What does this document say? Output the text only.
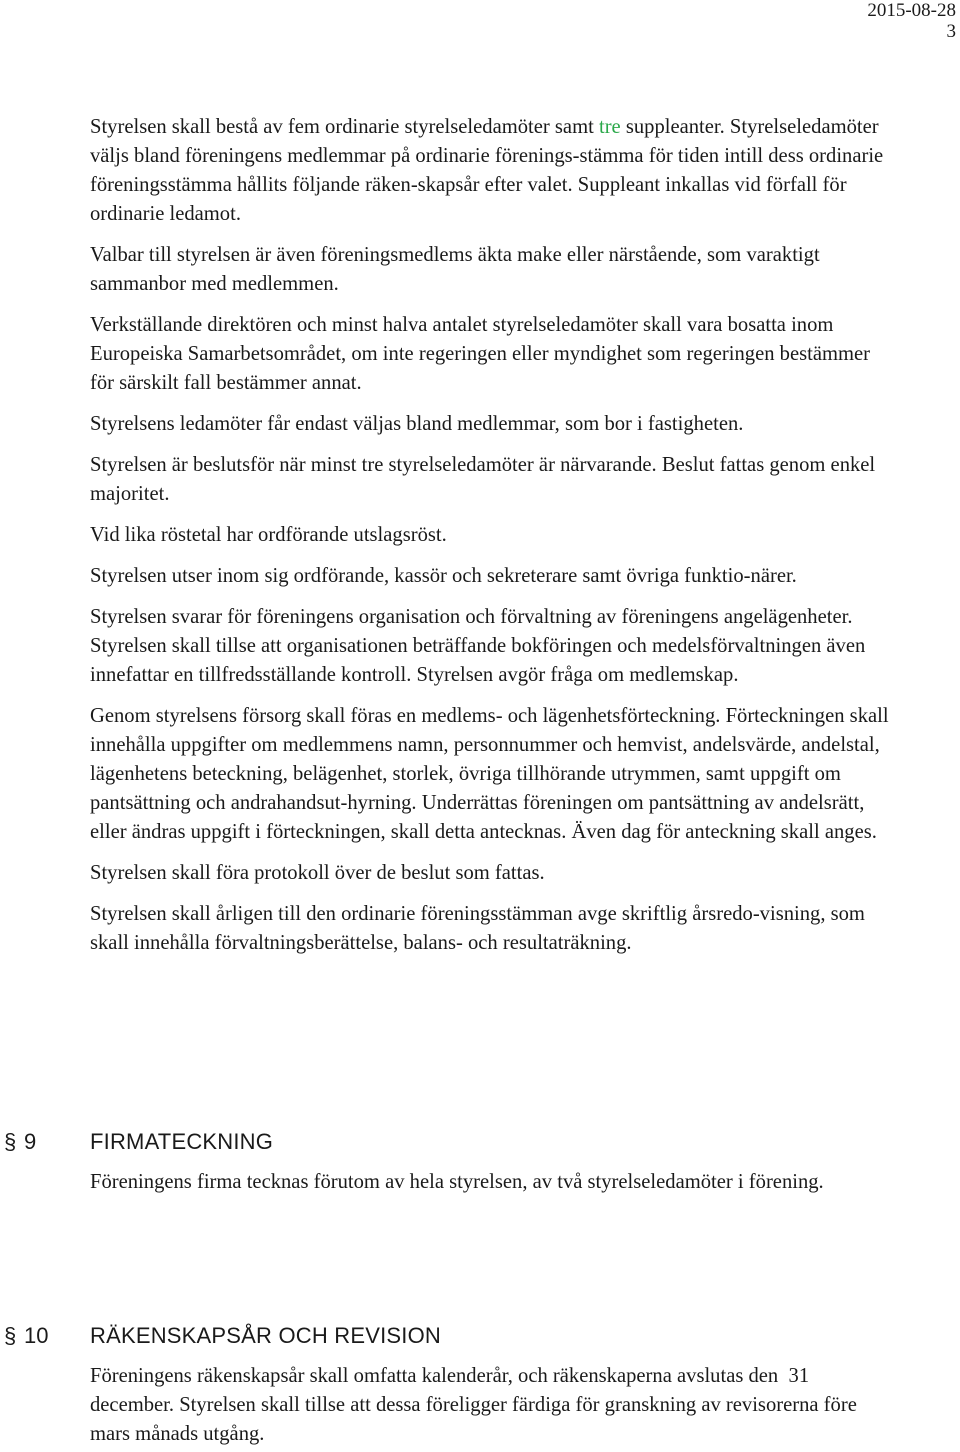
2015-08-28
3

Styrelsen skall bestå av fem ordinarie styrelseledamöter samt tre suppleanter. Styrelseledamöter väljs bland föreningens medlemmar på ordinarie förenings-stämma för tiden intill dess ordinarie föreningsstämma hållits följande räken-skapsår efter valet. Suppleant inkallas vid förfall för ordinarie ledamot.

Valbar till styrelsen är även föreningsmedlems äkta make eller närstående, som varaktigt sammanbor med medlemmen.

Verkställande direktören och minst halva antalet styrelseledamöter skall vara bosatta inom Europeiska Samarbetsområdet, om inte regeringen eller myndighet som regeringen bestämmer för särskilt fall bestämmer annat.

Styrelsens ledamöter får endast väljas bland medlemmar, som bor i fastigheten.

Styrelsen är beslutsför när minst tre styrelseledamöter är närvarande. Beslut fattas genom enkel majoritet.

Vid lika röstetal har ordförande utslagsröst.

Styrelsen utser inom sig ordförande, kassör och sekreterare samt övriga funktio-närer.

Styrelsen svarar för föreningens organisation och förvaltning av föreningens angelägenheter. Styrelsen skall tillse att organisationen beträffande bokföringen och medelsförvaltningen även innefattar en tillfredsställande kontroll. Styrelsen avgör fråga om medlemskap.

Genom styrelsens försorg skall föras en medlems- och lägenhetsförteckning. Förteckningen skall innehålla uppgifter om medlemmens namn, personnummer och hemvist, andelsvärde, andelstal, lägenhetens beteckning, belägenhet, storlek, övriga tillhörande utrymmen, samt uppgift om pantsättning och andrahandsut-hyrning. Underrättas föreningen om pantsättning av andelsrätt, eller ändras uppgift i förteckningen, skall detta antecknas. Även dag för anteckning skall anges.

Styrelsen skall föra protokoll över de beslut som fattas.

Styrelsen skall årligen till den ordinarie föreningsstämman avge skriftlig årsredo-visning, som skall innehålla förvaltningsberättelse, balans- och resultaträkning.

§ 9 FIRMATECKNING

Föreningens firma tecknas förutom av hela styrelsen, av två styrelseledamöter i förening.

§ 10 RÄKENSKAPSÅR OCH REVISION

Föreningens räkenskapsår skall omfatta kalenderår, och räkenskaperna avslutas den  31 december. Styrelsen skall tillse att dessa föreligger färdiga för granskning av revisorerna före mars månads utgång.
